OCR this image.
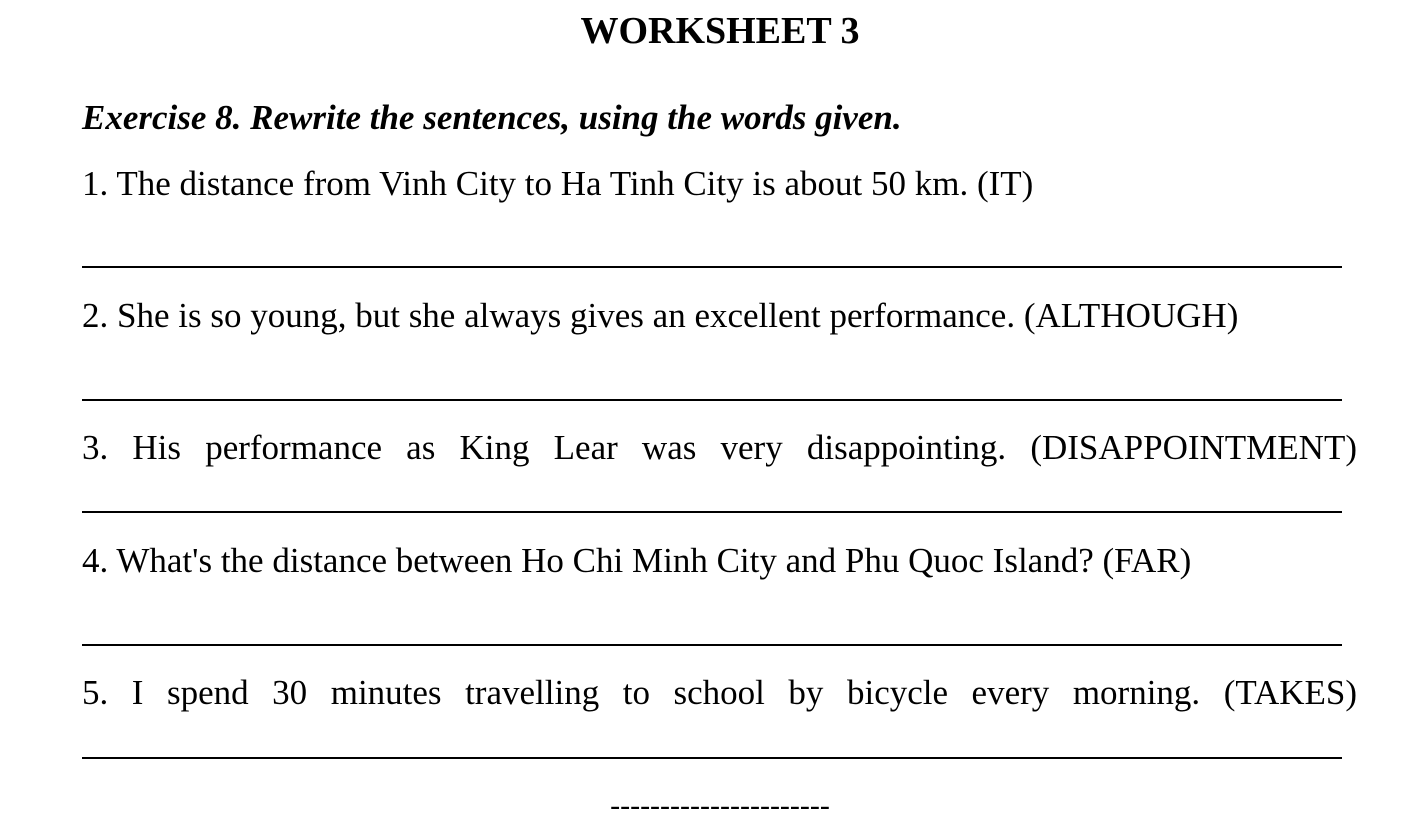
WORKSHEET 3
Exercise 8. Rewrite the sentences, using the words given.
1. The distance from Vinh City to Ha Tinh City is about 50 km. (IT)
2. She is so young, but she always gives an excellent performance. (ALTHOUGH)
3. His performance as King Lear was very disappointing. (DISAPPOINTMENT)
4. What's the distance between Ho Chi Minh City and Phu Quoc Island? (FAR)
5. I spend 30 minutes travelling to school by bicycle every morning. (TAKES)
----------------------
